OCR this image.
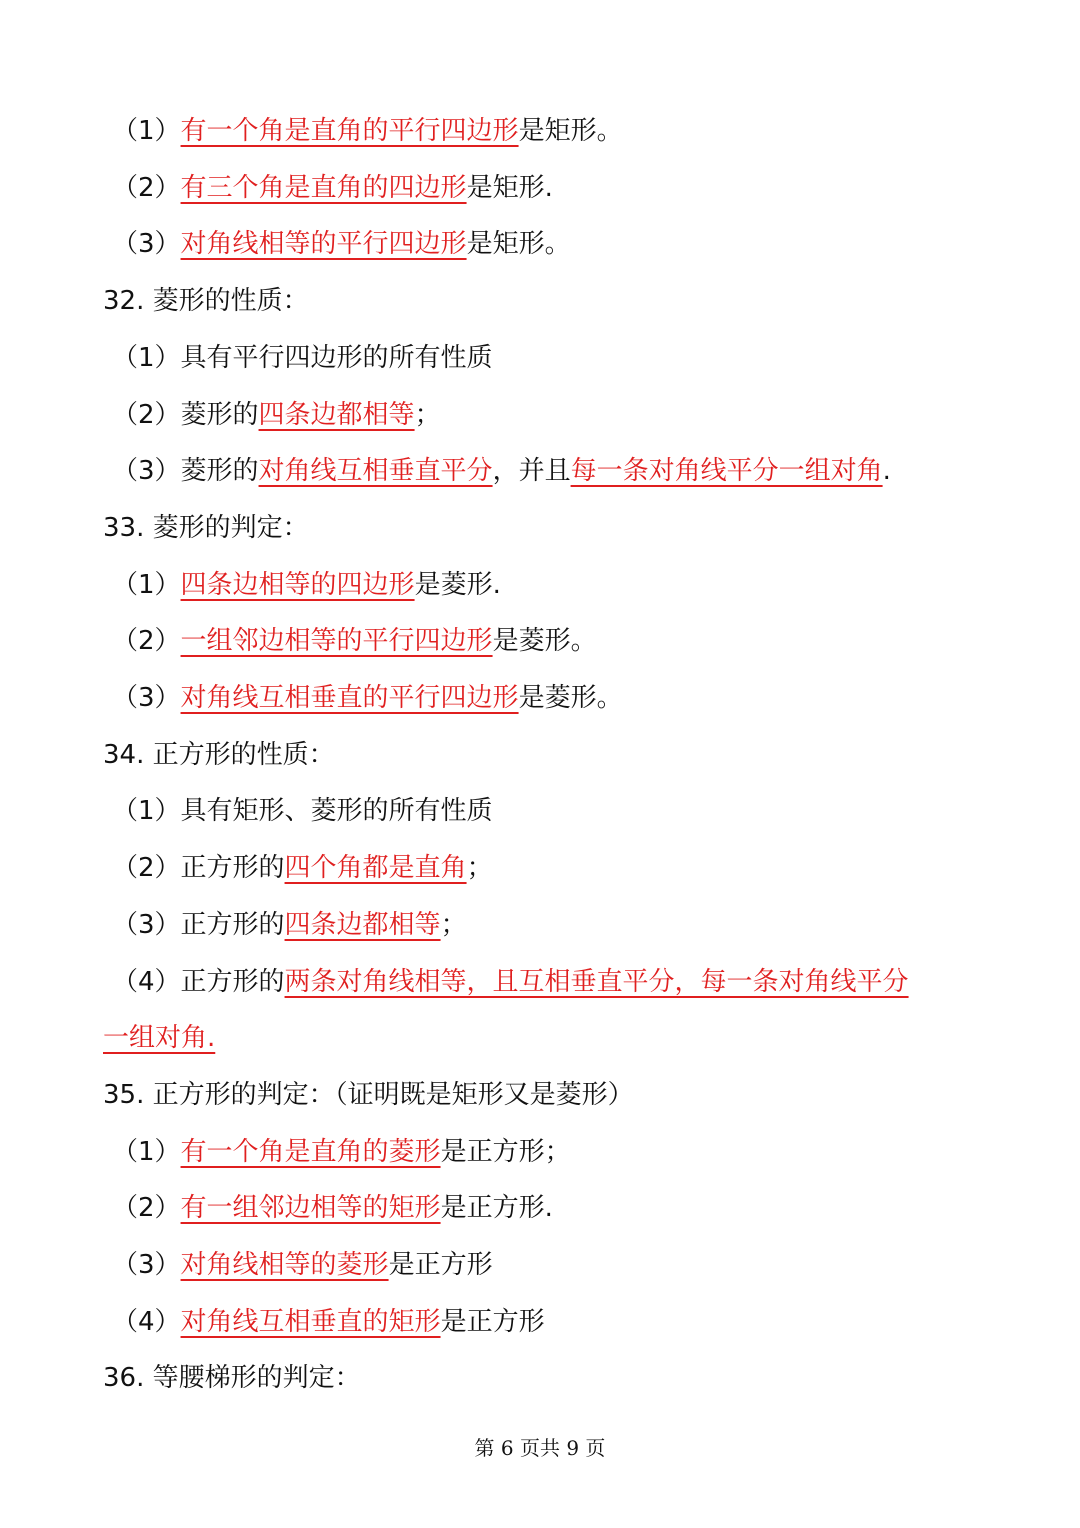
（1）有一个角是直角的平行四边形是矩形。
（2）有三个角是直角的四边形是矩形.
（3）对角线相等的平行四边形是矩形。
32. 菱形的性质：
（1）具有平行四边形的所有性质
（2）菱形的四条边都相等；
（3）菱形的对角线互相垂直平分，并且每一条对角线平分一组对角.
33. 菱形的判定：
（1）四条边相等的四边形是菱形.
（2）一组邻边相等的平行四边形是菱形。
（3）对角线互相垂直的平行四边形是菱形。
34. 正方形的性质：
（1）具有矩形、菱形的所有性质
（2）正方形的四个角都是直角；
（3）正方形的四条边都相等；
（4）正方形的两条对角线相等，且互相垂直平分，每一条对角线平分
一组对角.
35. 正方形的判定：（证明既是矩形又是菱形）
（1）有一个角是直角的菱形是正方形；
（2）有一组邻边相等的矩形是正方形.
（3）对角线相等的菱形是正方形
（4）对角线互相垂直的矩形是正方形
36. 等腰梯形的判定：
第 6 页共 9 页
